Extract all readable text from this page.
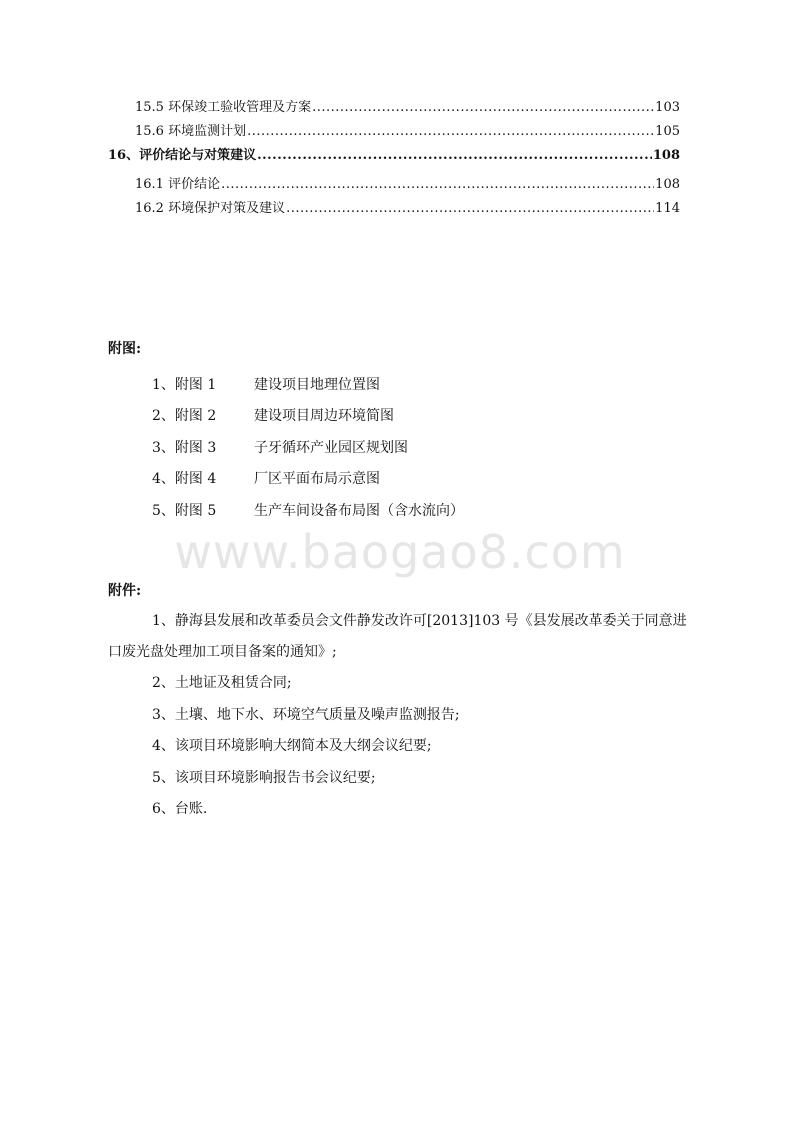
15.5 环保竣工验收管理及方案 .....	103
15.6 环境监测计划 .....	105
16、评价结论与对策建议 .....	108
16.1 评价结论 .....	108
16.2 环境保护对策及建议 .....	114
附图:
1、附图 1	建设项目地理位置图
2、附图 2	建设项目周边环境简图
3、附图 3	子牙循环产业园区规划图
4、附图 4	厂区平面布局示意图
5、附图 5	生产车间设备布局图（含水流向）
www.baogao8.com
附件:
1、静海县发展和改革委员会文件静发改许可[2013]103 号《县发展改革委关于同意进口废光盘处理加工项目备案的通知》;
2、土地证及租赁合同;
3、土壤、地下水、环境空气质量及噪声监测报告;
4、该项目环境影响大纲简本及大纲会议纪要;
5、该项目环境影响报告书会议纪要;
6、台账.
